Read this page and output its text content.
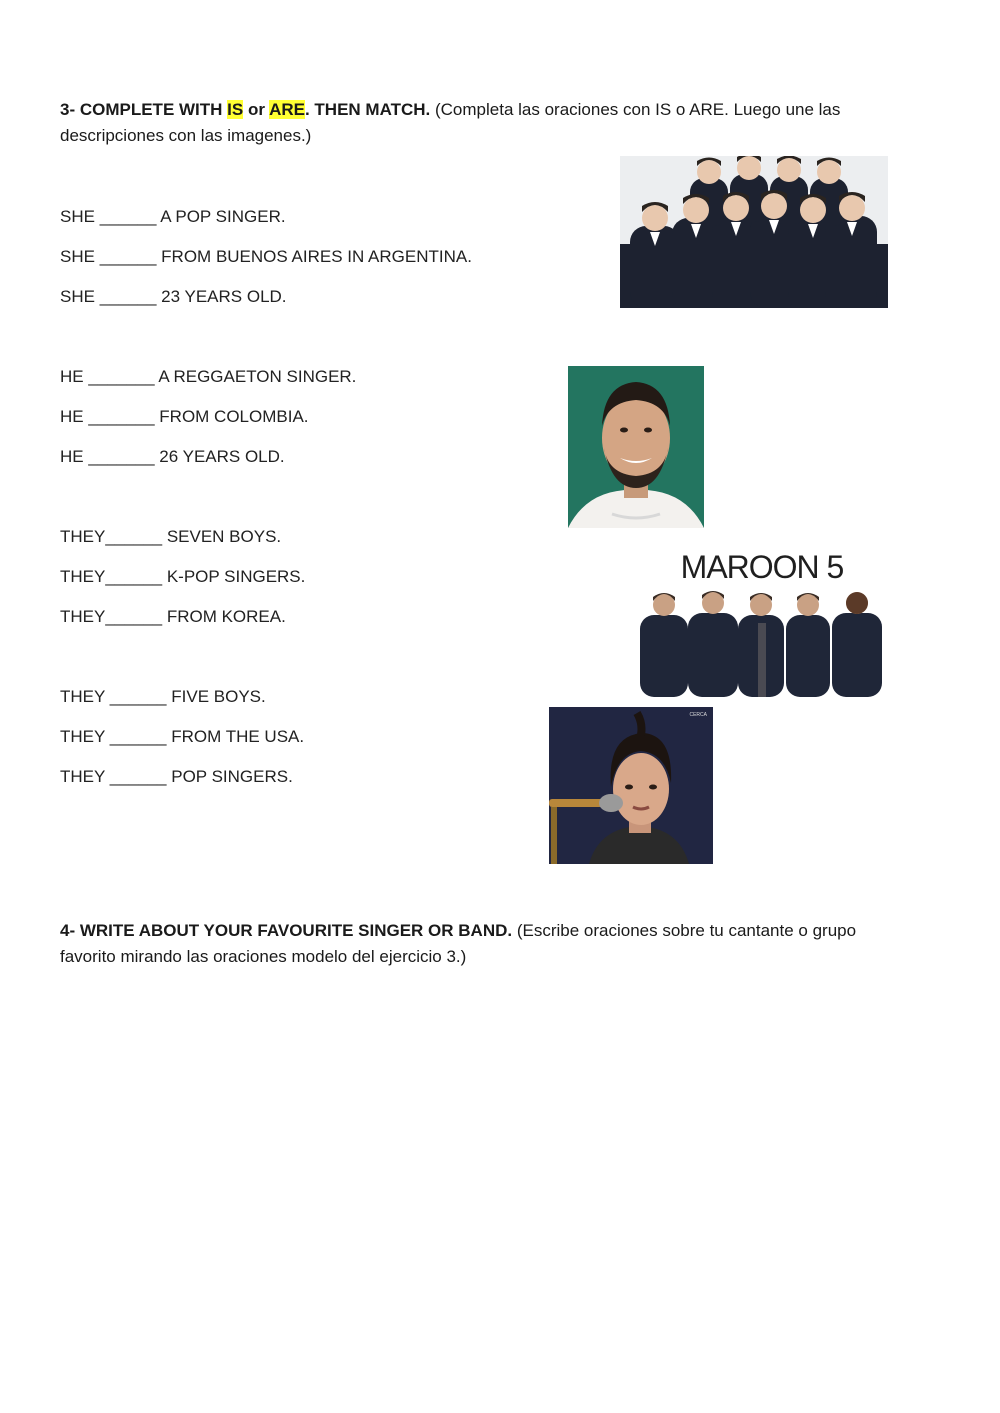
3- COMPLETE WITH IS or ARE. THEN MATCH. (Completa las oraciones con IS o ARE. Luego une las descripciones con las imagenes.)
SHE ______ A POP SINGER.
SHE ______ FROM BUENOS AIRES IN ARGENTINA.
SHE ______ 23 YEARS OLD.
HE _______ A REGGAETON SINGER.
HE _______ FROM COLOMBIA.
HE _______ 26 YEARS OLD.
THEY______ SEVEN BOYS.
THEY______ K-POP SINGERS.
THEY______ FROM KOREA.
THEY ______ FIVE BOYS.
THEY ______ FROM THE USA.
THEY ______ POP SINGERS.
MAROON 5
CERCA
4- WRITE ABOUT YOUR FAVOURITE SINGER OR BAND. (Escribe oraciones sobre tu cantante o grupo favorito mirando las oraciones modelo del ejercicio 3.)
